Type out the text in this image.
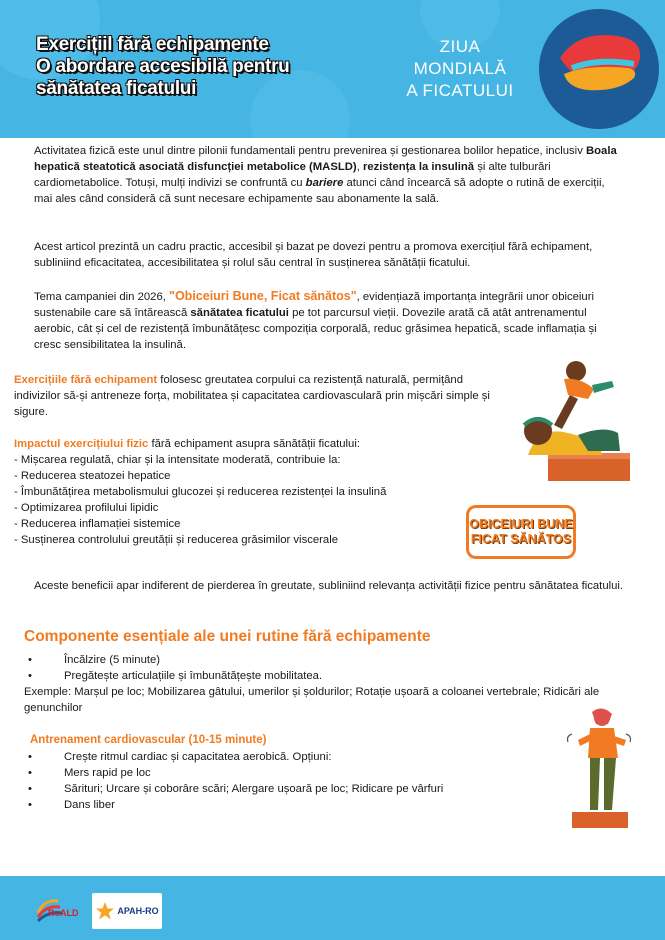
Exercițiil fără echipamente
O abordare accesibilă pentru
sănătatea ficatului
ZIUA
MONDIALĂ
A FICATULUI
Activitatea fizică este unul dintre pilonii fundamentali pentru prevenirea și gestionarea bolilor hepatice, inclusiv Boala hepatică steatotică asociată disfuncției metabolice (MASLD), rezistența la insulină și alte tulburări cardiometabolice. Totuși, mulți indivizi se confruntă cu bariere atunci când încearcă să adopte o rutină de exerciții, mai ales când consideră că sunt necesare echipamente sau abonamente la sală.
Acest articol prezintă un cadru practic, accesibil și bazat pe dovezi pentru a promova exercițiul fără echipament, subliniind eficacitatea, accesibilitatea și rolul său central în susținerea sănătății ficatului.
Tema campaniei din 2026, "Obiceiuri Bune, Ficat sănătos", evidențiază importanța integrării unor obiceiuri sustenabile care să întărească sănătatea ficatului pe tot parcursul vieții. Dovezile arată că atât antrenamentul aerobic, cât și cel de rezistență îmbunătățesc compoziția corporală, reduc grăsimea hepatică, scade inflamația și cresc sensibilitatea la insulină.
Exercițiile fără echipament folosesc greutatea corpului ca rezistență naturală, permițând indivizilor să-și antreneze forța, mobilitatea și capacitatea cardiovasculară prin mișcări simple și sigure.
Impactul exercițiului fizic fără echipament asupra sănătății ficatului:
- Mișcarea regulată, chiar și la intensitate moderată, contribuie la:
- Reducerea steatozei hepatice
- Îmbunătățirea metabolismului glucozei și reducerea rezistenței la insulină
- Optimizarea profilului lipidic
- Reducerea inflamației sistemice
- Susținerea controlului greutății și reducerea grăsimilor viscerale
OBICEIURI BUNE
FICAT SĂNĂTOS
Aceste beneficii apar indiferent de pierderea în greutate, subliniind relevanța activității fizice pentru sănătatea ficatului.
Componente esențiale ale unei rutine fără echipamente
• Încălzire (5 minute)
• Pregătește articulațiile și îmbunătățește mobilitatea.
Exemple: Marșul pe loc; Mobilizarea gâtului, umerilor și șoldurilor; Rotație ușoară a coloanei vertebrale; Ridicări ale genunchilor
Antrenament cardiovascular (10-15 minute)
• Crește ritmul cardiac și capacitatea aerobică. Opțiuni:
• Mers rapid pe loc
• Sărituri; Urcare și coborâre scări; Alergare ușoară pe loc; Ridicare pe vârfuri
• Dans liber
RoALD	APAH-RO
